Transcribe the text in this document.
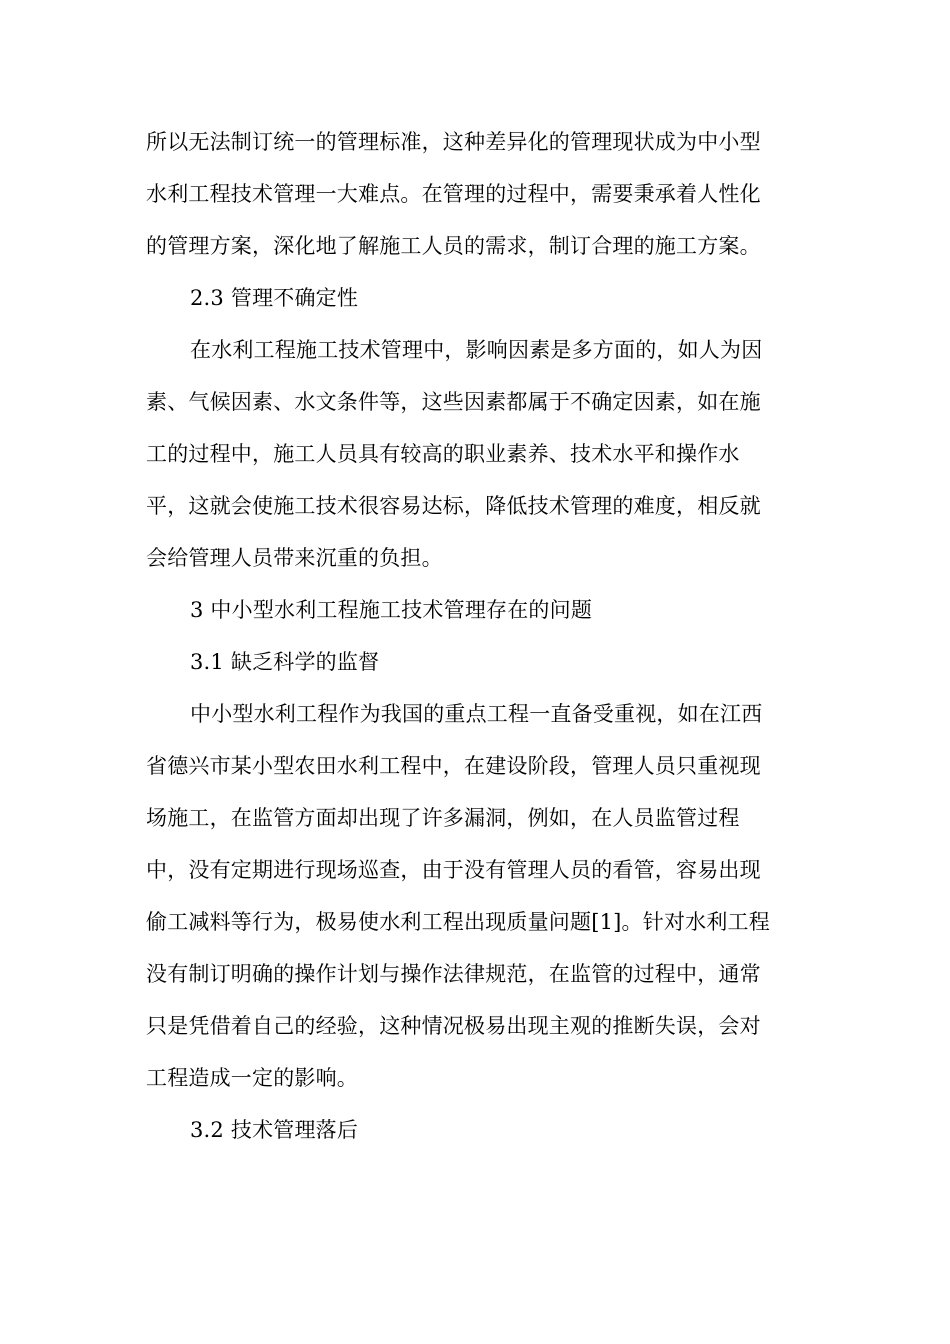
所以无法制订统一的管理标准，这种差异化的管理现状成为中小型
水利工程技术管理一大难点。在管理的过程中，需要秉承着人性化
的管理方案，深化地了解施工人员的需求，制订合理的施工方案。
2.3 管理不确定性
在水利工程施工技术管理中，影响因素是多方面的，如人为因
素、气候因素、水文条件等，这些因素都属于不确定因素，如在施
工的过程中，施工人员具有较高的职业素养、技术水平和操作水
平，这就会使施工技术很容易达标，降低技术管理的难度，相反就
会给管理人员带来沉重的负担。
3 中小型水利工程施工技术管理存在的问题
3.1 缺乏科学的监督
中小型水利工程作为我国的重点工程一直备受重视，如在江西
省德兴市某小型农田水利工程中，在建设阶段，管理人员只重视现
场施工，在监管方面却出现了许多漏洞，例如，在人员监管过程
中，没有定期进行现场巡查，由于没有管理人员的看管，容易出现
偷工减料等行为，极易使水利工程出现质量问题[1]。针对水利工程
没有制订明确的操作计划与操作法律规范，在监管的过程中，通常
只是凭借着自己的经验，这种情况极易出现主观的推断失误，会对
工程造成一定的影响。
3.2 技术管理落后
